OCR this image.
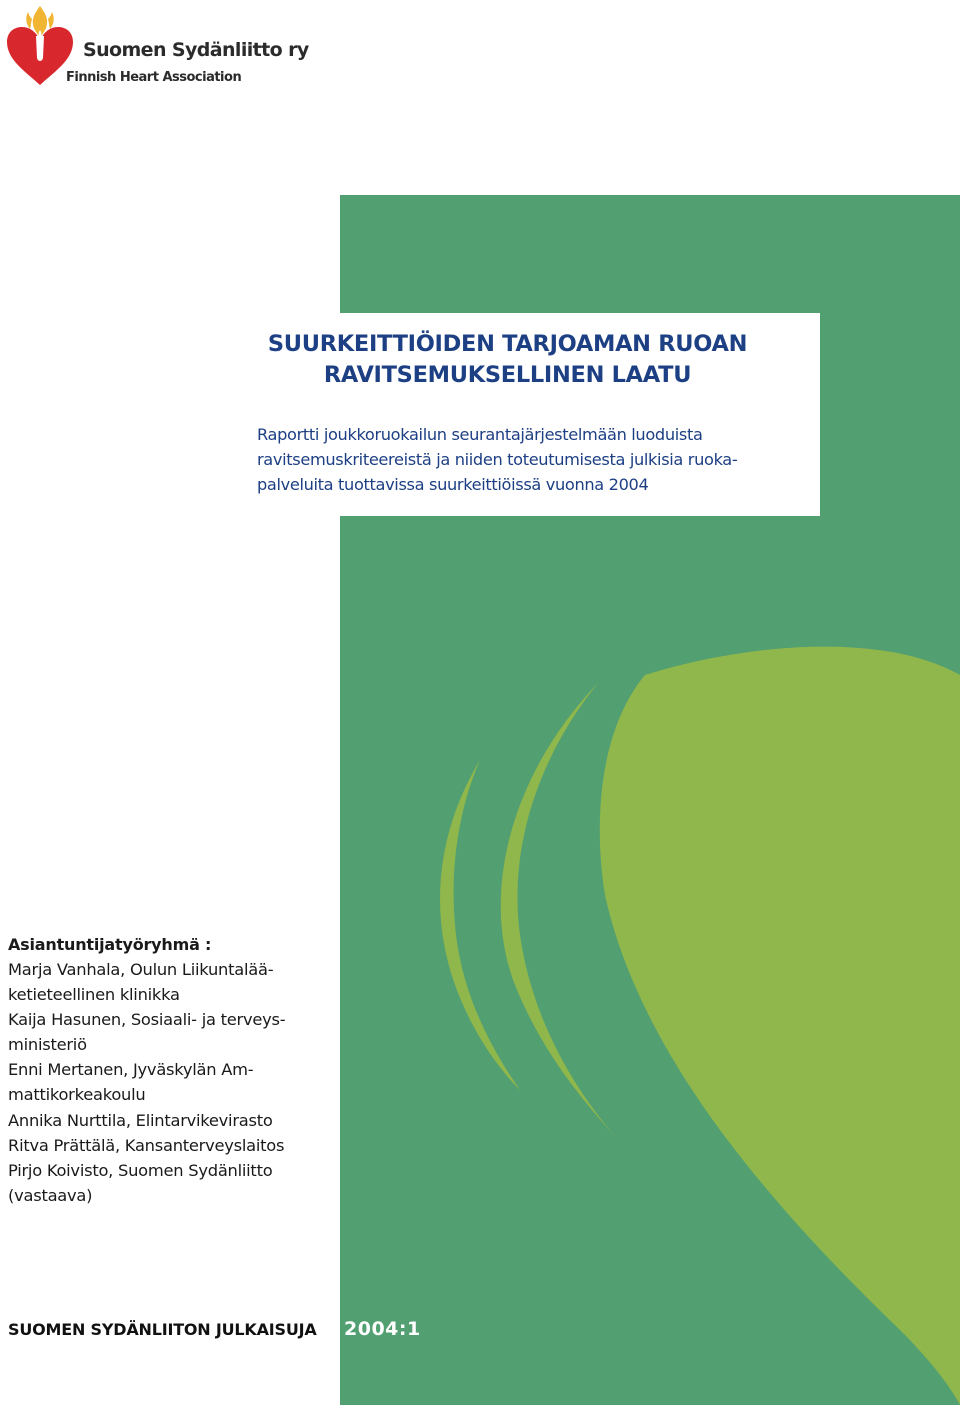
Suomen Sydänliitto ry
Finnish Heart Association
SUURKEITTIÖIDEN TARJOAMAN RUOAN
RAVITSEMUKSELLINEN LAATU
Raportti joukkoruokailun seurantajärjestelmään luoduista
ravitsemuskriteereistä ja niiden toteutumisesta julkisia ruoka-
palveluita tuottavissa suurkeittiöissä vuonna 2004
Asiantuntijatyöryhmä :
Marja Vanhala, Oulun Liikuntalää-
ketieteellinen klinikka
Kaija Hasunen, Sosiaali- ja terveys-
ministeriö
Enni Mertanen, Jyväskylän Am-
mattikorkeakoulu
Annika Nurttila, Elintarvikevirasto
Ritva Prättälä, Kansanterveyslaitos
Pirjo Koivisto, Suomen Sydänliitto
(vastaava)
SUOMEN SYDÄNLIITON JULKAISUJA 2004:1
